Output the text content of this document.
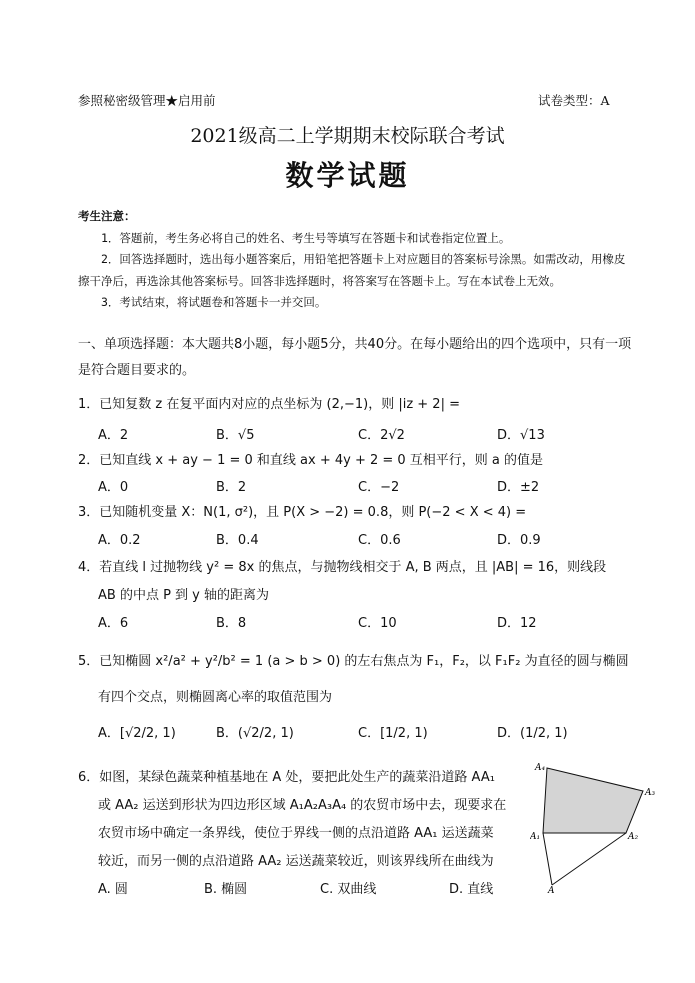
参照秘密级管理★启用前	试卷类型：A
2021级高二上学期期末校际联合考试
数学试题
考生注意：
1．答题前，考生务必将自己的姓名、考生号等填写在答题卡和试卷指定位置上。
2．回答选择题时，选出每小题答案后，用铅笔把答题卡上对应题目的答案标号涂黑。如需改动，用橡皮擦干净后，再选涂其他答案标号。回答非选择题时，将答案写在答题卡上。写在本试卷上无效。
3．考试结束，将试题卷和答题卡一并交回。
一、单项选择题：本大题共8小题，每小题5分，共40分。在每小题给出的四个选项中，只有一项是符合题目要求的。
1．已知复数 z 在复平面内对应的点坐标为 (2,−1)，则 |iz + 2| =
A．2	B．√5	C．2√2	D．√13
2．已知直线 x + ay − 1 = 0 和直线 ax + 4y + 2 = 0 互相平行，则 a 的值是
A．0	B．2	C．−2	D．±2
3．已知随机变量 X：N(1, σ²)，且 P(X > −2) = 0.8，则 P(−2 < X < 4) =
A．0.2	B．0.4	C．0.6	D．0.9
4．若直线 l 过抛物线 y² = 8x 的焦点，与抛物线相交于 A, B 两点，且 |AB| = 16，则线段
AB 的中点 P 到 y 轴的距离为
A．6	B．8	C．10	D．12
5．已知椭圆 x²/a² + y²/b² = 1 (a > b > 0) 的左右焦点为 F₁，F₂，以 F₁F₂ 为直径的圆与椭圆
有四个交点，则椭圆离心率的取值范围为
A．[√2/2, 1)	B．(√2/2, 1)	C．[1/2, 1)	D．(1/2, 1)
6．如图，某绿色蔬菜种植基地在 A 处，要把此处生产的蔬菜沿道路 AA₁
或 AA₂ 运送到形状为四边形区域 A₁A₂A₃A₄ 的农贸市场中去，现要求在
农贸市场中确定一条界线，使位于界线一侧的点沿道路 AA₁ 运送蔬菜
较近，而另一侧的点沿道路 AA₂ 运送蔬菜较近，则该界线所在曲线为
A. 圆	B. 椭圆	C. 双曲线	D. 直线
A₄
A₃
A₁	A₂
A
